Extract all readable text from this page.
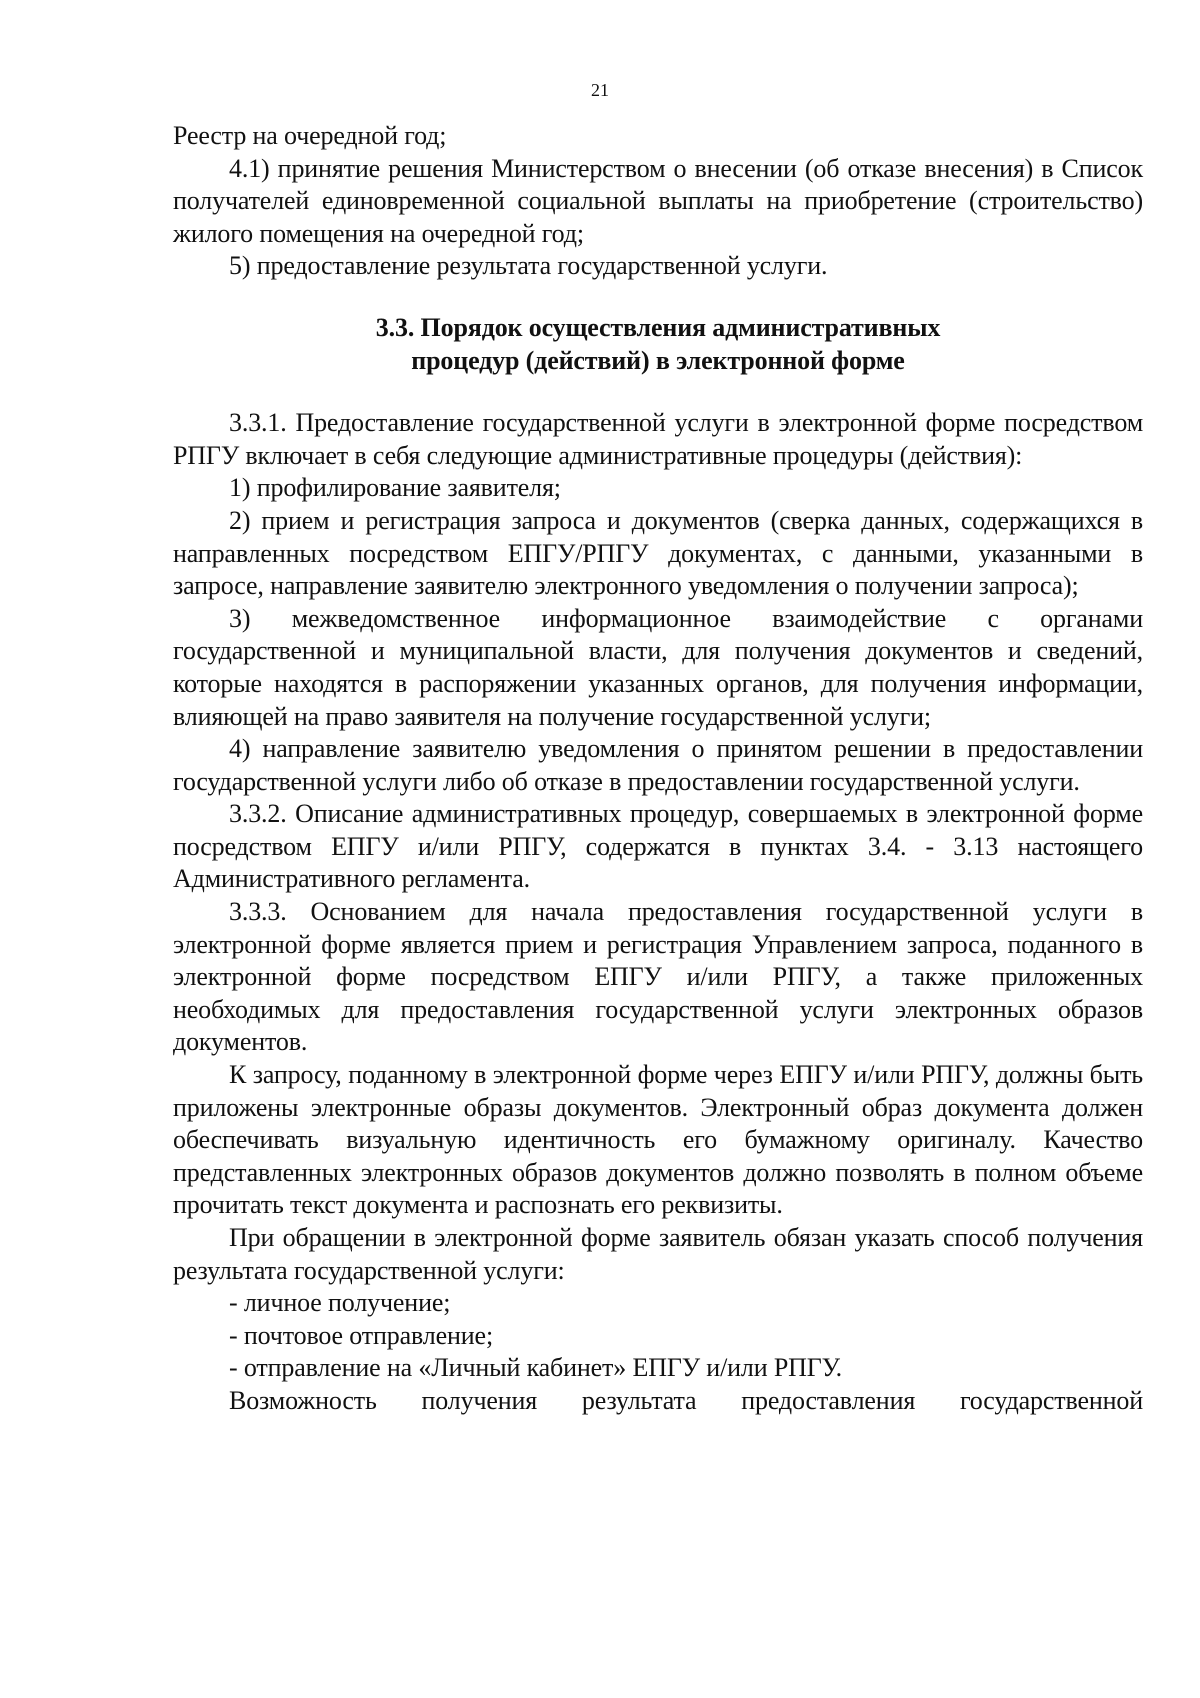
21

Реестр на очередной год;

4.1) принятие решения Министерством о внесении (об отказе внесения) в Список получателей единовременной социальной выплаты на приобретение (строительство) жилого помещения на очередной год;

5) предоставление результата государственной услуги.

3.3. Порядок осуществления административных
процедур (действий) в электронной форме

3.3.1. Предоставление государственной услуги в электронной форме посредством РПГУ включает в себя следующие административные процедуры (действия):

1) профилирование заявителя;

2) прием и регистрация запроса и документов (сверка данных, содержащихся в направленных посредством ЕПГУ/РПГУ документах, с данными, указанными в запросе, направление заявителю электронного уведомления о получении запроса);

3) межведомственное информационное взаимодействие с органами государственной и муниципальной власти, для получения документов и сведений, которые находятся в распоряжении указанных органов, для получения информации, влияющей на право заявителя на получение государственной услуги;

4) направление заявителю уведомления о принятом решении в предоставлении государственной услуги либо об отказе в предоставлении государственной услуги.

3.3.2. Описание административных процедур, совершаемых в электронной форме посредством ЕПГУ и/или РПГУ, содержатся в пунктах 3.4. - 3.13 настоящего Административного регламента.

3.3.3. Основанием для начала предоставления государственной услуги в электронной форме является прием и регистрация Управлением запроса, поданного в электронной форме посредством ЕПГУ и/или РПГУ, а также приложенных необходимых для предоставления государственной услуги электронных образов документов.

К запросу, поданному в электронной форме через ЕПГУ и/или РПГУ, должны быть приложены электронные образы документов. Электронный образ документа должен обеспечивать визуальную идентичность его бумажному оригиналу. Качество представленных электронных образов документов должно позволять в полном объеме прочитать текст документа и распознать его реквизиты.

При обращении в электронной форме заявитель обязан указать способ получения результата государственной услуги:

- личное получение;

- почтовое отправление;

- отправление на «Личный кабинет» ЕПГУ и/или РПГУ.

Возможность получения результата предоставления государственной
